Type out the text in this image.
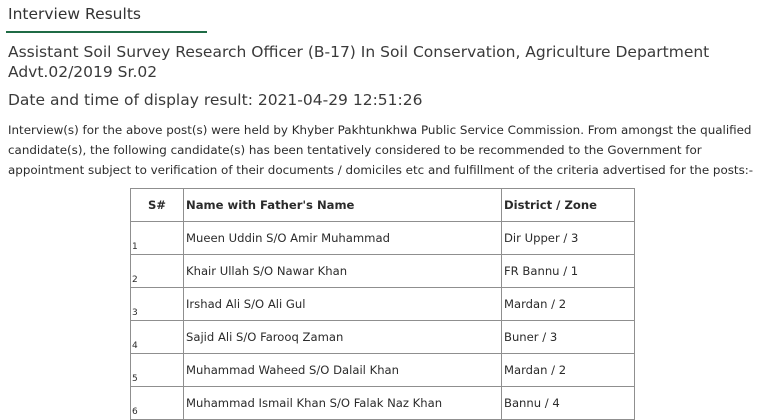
Interview Results
Assistant Soil Survey Research Officer (B-17) In Soil Conservation, Agriculture Department Advt.02/2019 Sr.02
Date and time of display result: 2021-04-29 12:51:26
Interview(s) for the above post(s) were held by Khyber Pakhtunkhwa Public Service Commission. From amongst the qualified candidate(s), the following candidate(s) has been tentatively considered to be recommended to the Government for appointment subject to verification of their documents / domiciles etc and fulfillment of the criteria advertised for the posts:-
S#	Name with Father's Name	District / Zone
1	Mueen Uddin S/O Amir Muhammad	Dir Upper / 3
2	Khair Ullah S/O Nawar Khan	FR Bannu / 1
3	Irshad Ali S/O Ali Gul	Mardan / 2
4	Sajid Ali S/O Farooq Zaman	Buner / 3
5	Muhammad Waheed S/O Dalail Khan	Mardan / 2
6	Muhammad Ismail Khan S/O Falak Naz Khan	Bannu / 4
